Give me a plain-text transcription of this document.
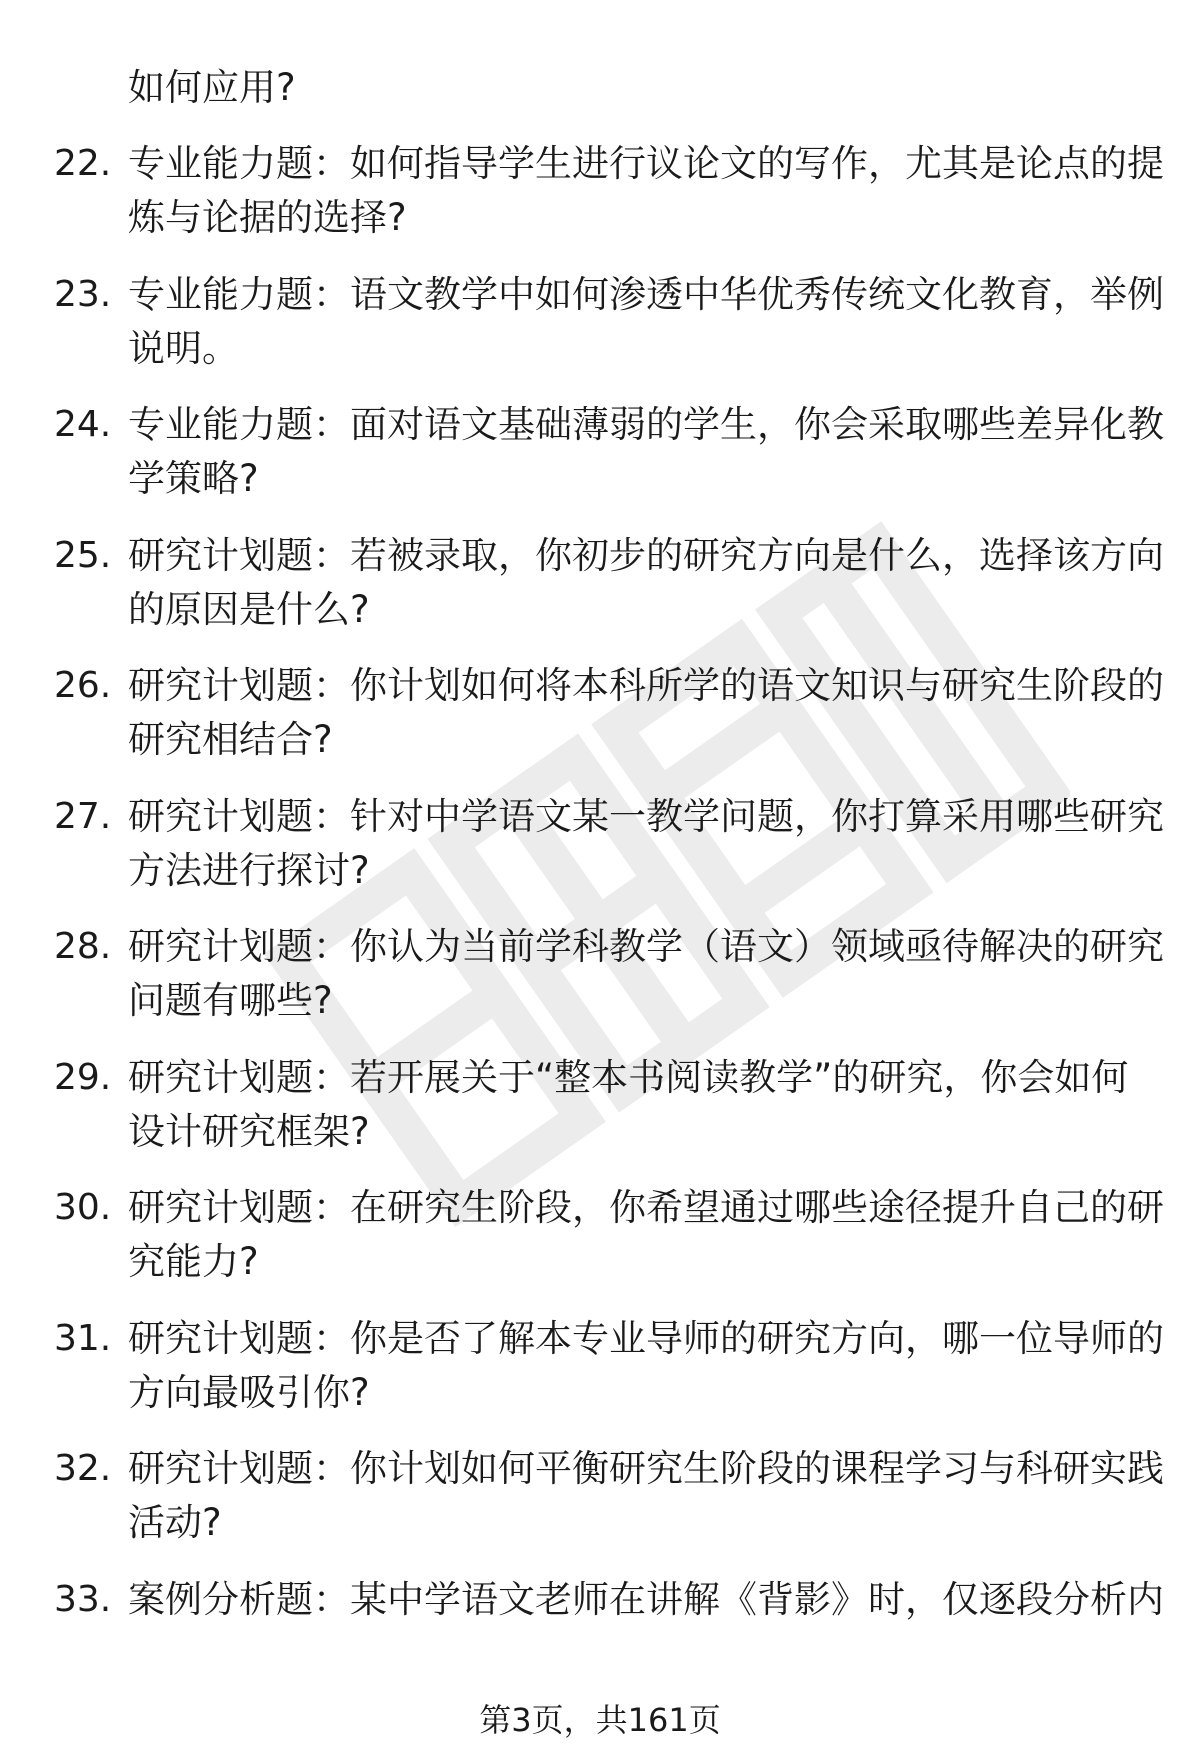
如何应用?
22. 专业能力题：如何指导学生进行议论文的写作，尤其是论点的提
炼与论据的选择?
23. 专业能力题：语文教学中如何渗透中华优秀传统文化教育，举例
说明。
24. 专业能力题：面对语文基础薄弱的学生，你会采取哪些差异化教
学策略?
25. 研究计划题：若被录取，你初步的研究方向是什么，选择该方向
的原因是什么?
26. 研究计划题：你计划如何将本科所学的语文知识与研究生阶段的
研究相结合?
27. 研究计划题：针对中学语文某一教学问题，你打算采用哪些研究
方法进行探讨?
28. 研究计划题：你认为当前学科教学（语文）领域亟待解决的研究
问题有哪些?
29. 研究计划题：若开展关于“整本书阅读教学”的研究，你会如何
设计研究框架?
30. 研究计划题：在研究生阶段，你希望通过哪些途径提升自己的研
究能力?
31. 研究计划题：你是否了解本专业导师的研究方向，哪一位导师的
方向最吸引你?
32. 研究计划题：你计划如何平衡研究生阶段的课程学习与科研实践
活动?
33. 案例分析题：某中学语文老师在讲解《背影》时，仅逐段分析内
第3页，共161页
